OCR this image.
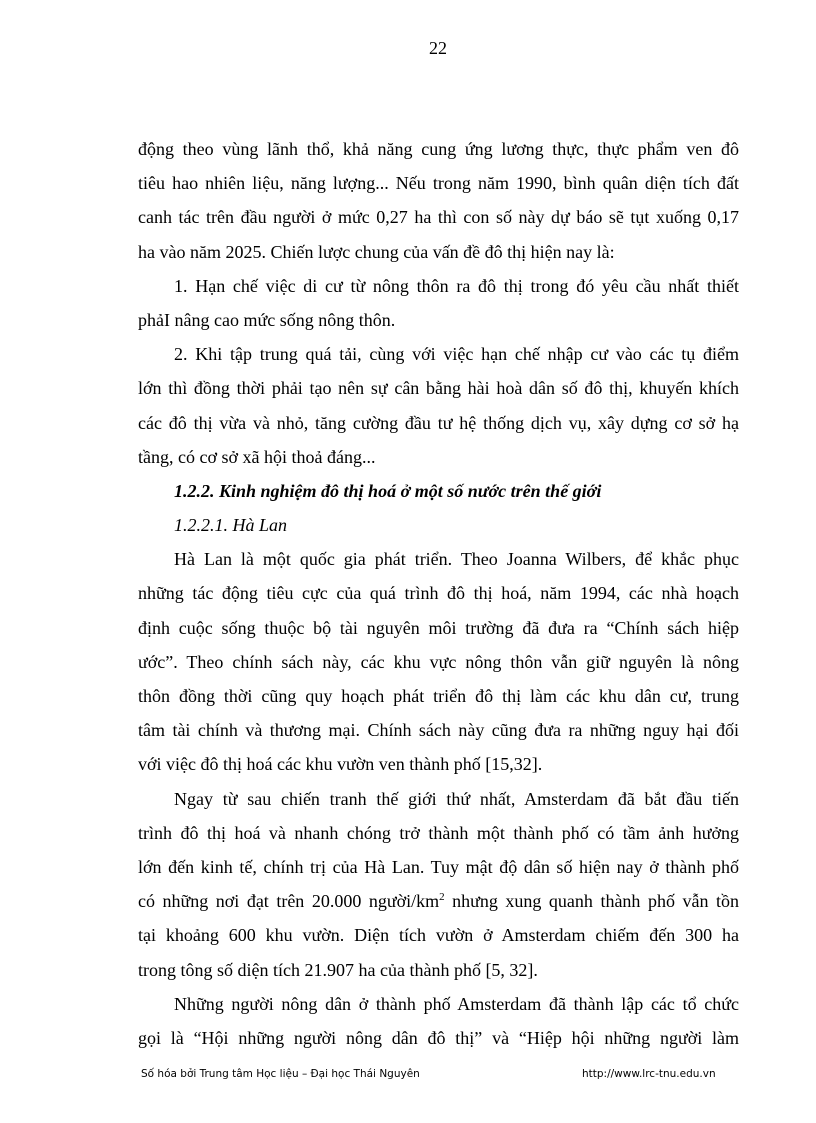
22
động theo vùng lãnh thổ, khả năng cung ứng lương thực, thực phẩm ven đô
tiêu hao nhiên liệu, năng lượng... Nếu trong năm 1990, bình quân diện tích đất
canh tác trên đầu người ở mức 0,27 ha thì con số này dự báo sẽ tụt xuống 0,17
ha vào năm 2025. Chiến lược chung của vấn đề đô thị hiện nay là:
1. Hạn chế việc di cư từ nông thôn ra đô thị trong đó yêu cầu nhất thiết
phảI nâng cao mức sống nông thôn.
2. Khi tập trung quá tải, cùng với việc hạn chế nhập cư vào các tụ điểm
lớn thì đồng thời phải tạo nên sự cân bằng hài hoà dân số đô thị, khuyến khích
các đô thị vừa và nhỏ, tăng cường đầu tư hệ thống dịch vụ, xây dựng cơ sở hạ
tầng, có cơ sở xã hội thoả đáng...
1.2.2. Kinh nghiệm đô thị hoá ở một số nước trên thế giới
1.2.2.1. Hà Lan
Hà Lan là một quốc gia phát triển. Theo Joanna Wilbers, để khắc phục
những tác động tiêu cực của quá trình đô thị hoá, năm 1994, các nhà hoạch
định cuộc sống thuộc bộ tài nguyên môi trường đã đưa ra “Chính sách hiệp
ước”. Theo chính sách này, các khu vực nông thôn vẫn giữ nguyên là nông
thôn đồng thời cũng quy hoạch phát triển đô thị làm các khu dân cư, trung
tâm tài chính và thương mại. Chính sách này cũng đưa ra những nguy hại đối
với việc đô thị hoá các khu vườn ven thành phố [15,32].
Ngay từ sau chiến tranh thế giới thứ nhất, Amsterdam đã bắt đầu tiến
trình đô thị hoá và nhanh chóng trở thành một thành phố có tầm ảnh hưởng
lớn đến kinh tế, chính trị của Hà Lan. Tuy mật độ dân số hiện nay ở thành phố
có những nơi đạt trên 20.000 người/$km^2$ nhưng xung quanh thành phố vẫn tồn
tại khoảng 600 khu vườn. Diện tích vườn ở Amsterdam chiếm đến 300 ha
trong tông số diện tích 21.907 ha của thành phố [5, 32].
Những người nông dân ở thành phố Amsterdam đã thành lập các tổ chức
gọi là “Hội những người nông dân đô thị” và “Hiệp hội những người làm
Số hóa bởi Trung tâm Học liệu – Đại học Thái Nguyên	http://www.lrc-tnu.edu.vn
